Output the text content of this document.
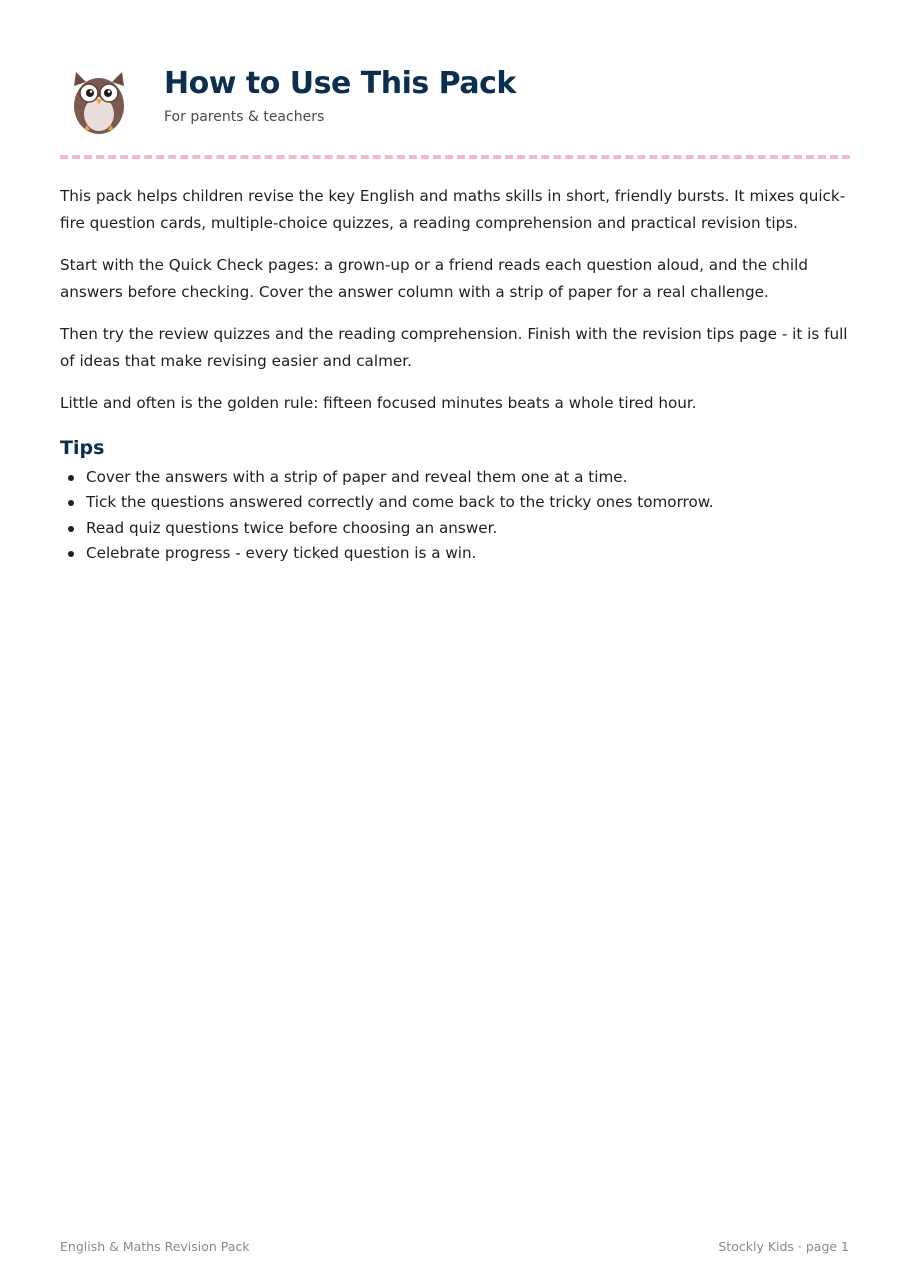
How to Use This Pack

For parents & teachers

This pack helps children revise the key English and maths skills in short, friendly bursts. It mixes quick-fire question cards, multiple-choice quizzes, a reading comprehension and practical revision tips.

Start with the Quick Check pages: a grown-up or a friend reads each question aloud, and the child answers before checking. Cover the answer column with a strip of paper for a real challenge.

Then try the review quizzes and the reading comprehension. Finish with the revision tips page - it is full of ideas that make revising easier and calmer.

Little and often is the golden rule: fifteen focused minutes beats a whole tired hour.

Tips
Cover the answers with a strip of paper and reveal them one at a time.
Tick the questions answered correctly and come back to the tricky ones tomorrow.
Read quiz questions twice before choosing an answer.
Celebrate progress - every ticked question is a win.
English & Maths Revision Pack	Stockly Kids · page 1
